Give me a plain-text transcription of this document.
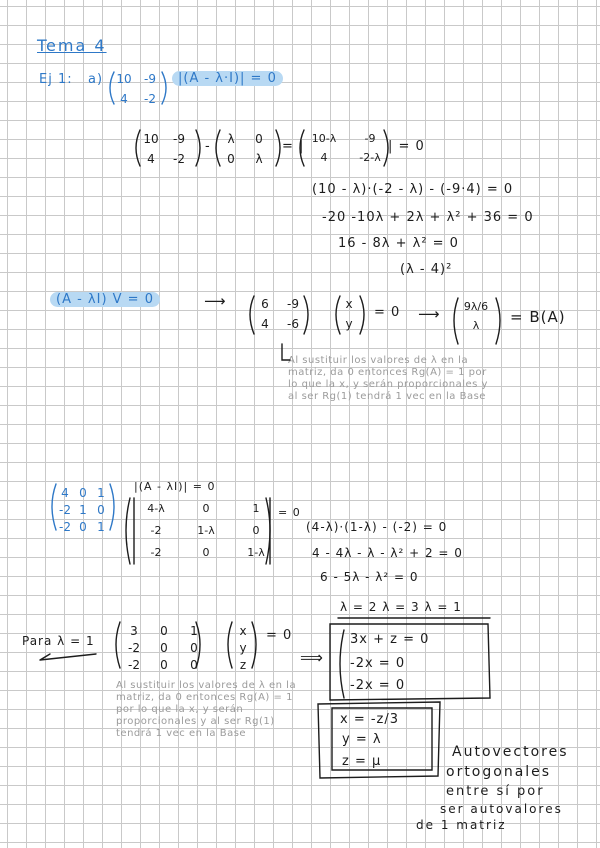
Tema 4
Ej 1: a) 10 -9
4	-2
|(A - λ·I)| = 0
10 -9
4	-2
-	λ	0
0	λ
= |
10-λ	-9
4	-2-λ
| = 0
(10 - λ)·(-2 - λ) - (-9·4) = 0
-20 -10λ + 2λ + λ² + 36 = 0
16 - 8λ + λ² = 0
(λ - 4)²
(A - λI) V = 0	⟶	6	-9
4	-6
x
y
= 0 ⟶ 9λ/6
λ	= B(A)
Al sustituir los valores de λ en la matriz, da 0 entonces Rg(A) = 1 por lo que la x, y serán proporcionales y al ser Rg(1) tendrá 1 vec en la Base
4 0 1
-2 1 0
-2 0 1
|(A - λI)| = 0
4-λ	0	1
-2	1-λ	0
-2	0	1-λ
= 0
(4-λ)·(1-λ) - (-2) = 0
4 - 4λ - λ - λ² + 2 = 0
6 - 5λ - λ² = 0
λ = 2 λ = 3 λ = 1
Para λ = 1
3	0	1
-2	0	0
-2	0	0
x
y
z
= 0
⟹
3x + z = 0
-2x = 0
-2x = 0
x = -z/3
y = λ
z = μ
Al sustituir los valores de λ en la matriz, da 0 entonces Rg(A) = 1 por lo que la x, y serán proporcionales y al ser Rg(1) tendrá 1 vec en la Base
Autovectores
ortogonales
entre sí por
ser autovalores
de 1 matriz
